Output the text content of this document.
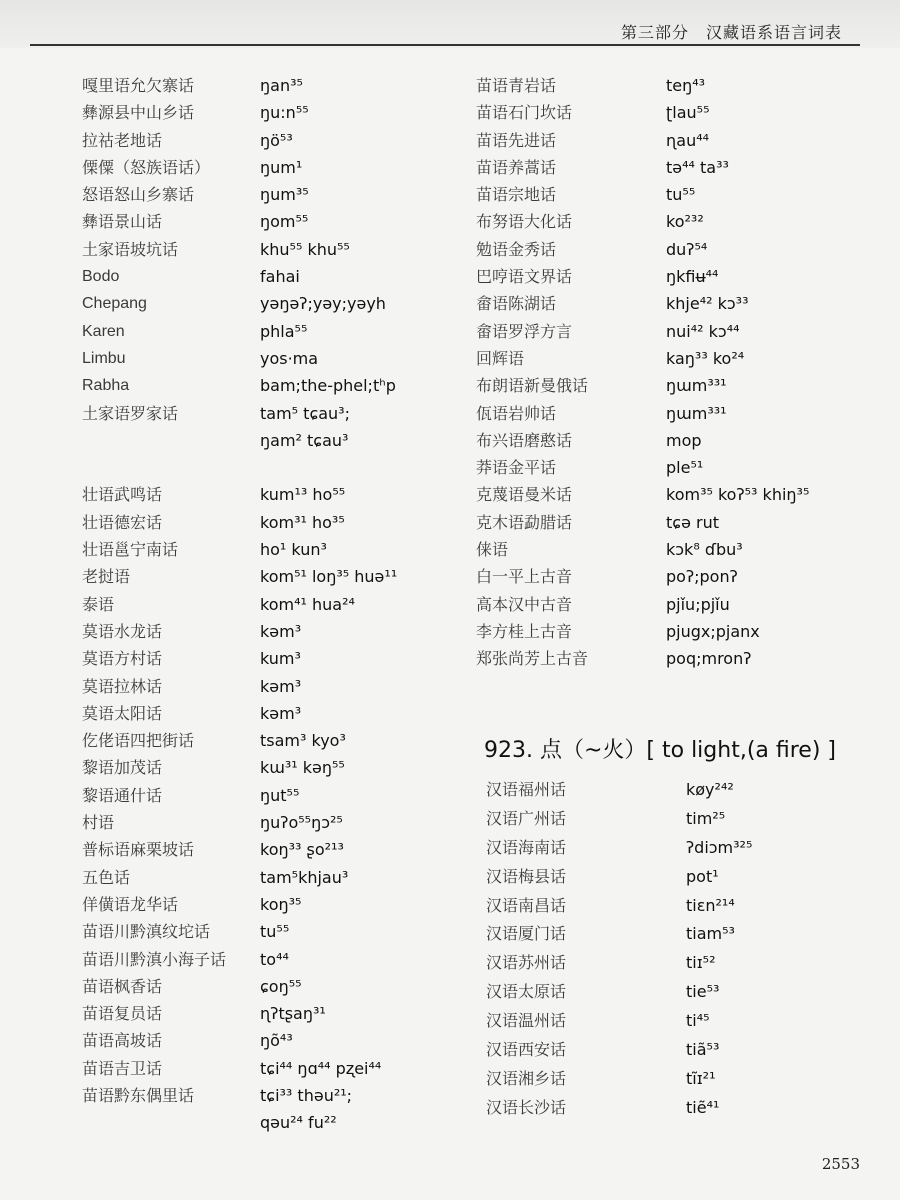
第三部分　汉藏语系语言词表
嘎里语允欠寨话	ŋan³⁵
彝源县中山乡话	ŋu:n⁵⁵
拉祜老地话	ŋö⁵³
傈僳（怒族语话）	ŋum¹
怒语怒山乡寨话	ŋum³⁵
彝语景山话	ŋom⁵⁵
土家语坡坑话	khu⁵⁵ khu⁵⁵
Bodo	fahai
Chepang	yəŋəʔ;yəy;yəyh
Karen	phla⁵⁵
Limbu	yos·ma
Rabha	bam;the-phel;tʰp
土家语罗家话	tam⁵ tɕau³;
ŋam² tɕau³
壮语武鸣话	kum¹³ ho⁵⁵
壮语德宏话	kom³¹ ho³⁵
壮语邕宁南话	ho¹ kun³
老挝语	kom⁵¹ loŋ³⁵ huə¹¹
泰语	kom⁴¹ hua²⁴
莫语水龙话	kəm³
莫语方村话	kum³
莫语拉林话	kəm³
莫语太阳话	kəm³
仡佬语四把街话	tsam³ kyo³
黎语加茂话	kɯ³¹ kəŋ⁵⁵
黎语通什话	ŋut⁵⁵
村语	ŋuʔo⁵⁵ŋɔ²⁵
普标语麻栗坡话	koŋ³³ ʂo²¹³
五色话	tam⁵khjau³
佯僙语龙华话	koŋ³⁵
苗语川黔滇纹坨话	tu⁵⁵
苗语川黔滇小海子话 to⁴⁴
苗语枫香话	ɕoŋ⁵⁵
苗语复员话	ɳʔtʂaŋ³¹
苗语高坡话	ŋõ⁴³
苗语吉卫话	tɕi⁴⁴ ŋɑ⁴⁴ pʐei⁴⁴
苗语黔东偶里话	tɕi³³ thəu²¹;
qəu²⁴ fu²²
苗语青岩话	teŋ⁴³
苗语石门坎话	ʈlau⁵⁵
苗语先进话	ɳau⁴⁴
苗语养蒿话	tə⁴⁴ ta³³
苗语宗地话	tu⁵⁵
布努语大化话	ko²³²
勉语金秀话	duʔ⁵⁴
巴哼语文界话	ŋkfiʉ⁴⁴
畲语陈湖话	khje⁴² kɔ³³
畲语罗浮方言	nui⁴² kɔ⁴⁴
回辉语	kaŋ³³ ko²⁴
布朗语新曼俄话	ŋɯm³³¹
佤语岩帅话	ŋɯm³³¹
布兴语磨憨话	mop
莽语金平话	ple⁵¹
克蔑语曼米话	kom³⁵ koʔ⁵³ khiŋ³⁵
克木语勐腊话	tɕə rut
俫语	kɔk⁸ ɗbu³
白一平上古音	poʔ;ponʔ
高本汉中古音	pjǐu;pjǐu
李方桂上古音	pjugx;pjanx
郑张尚芳上古音	poq;mronʔ
923. 点（~火）[ to light,(a fire) ]
汉语福州话	køy²⁴²
汉语广州话	tim²⁵
汉语海南话	ʔdiɔm³²⁵
汉语梅县话	pot¹
汉语南昌话	tiɛn²¹⁴
汉语厦门话	tiam⁵³
汉语苏州话	tiɪ⁵²
汉语太原话	tie⁵³
汉语温州话	ti⁴⁵
汉语西安话	tiã⁵³
汉语湘乡话	tĩɪ²¹
汉语长沙话	tiẽ⁴¹
2553
